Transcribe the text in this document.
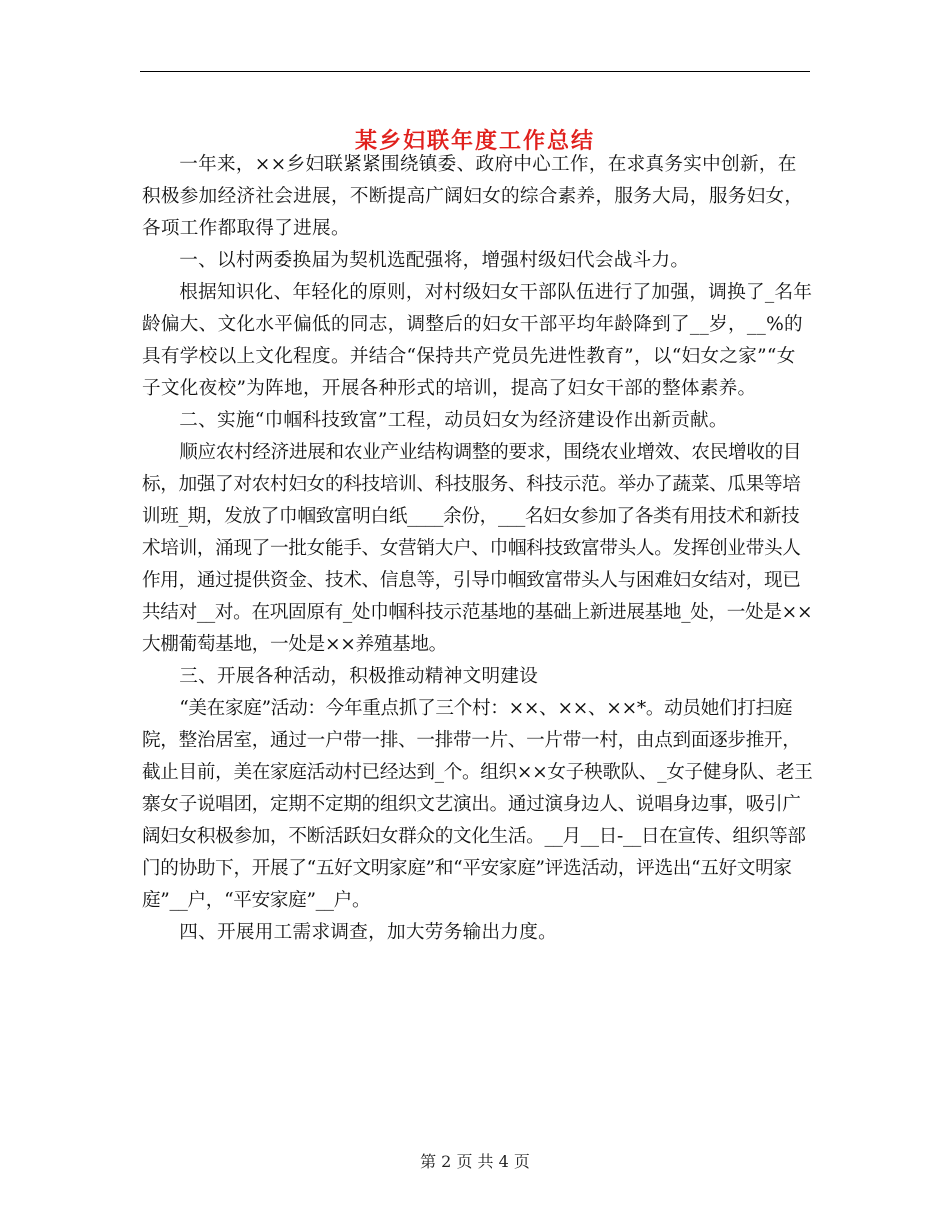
某乡妇联年度工作总结

一年来，××乡妇联紧紧围绕镇委、政府中心工作，在求真务实中创新，在积极参加经济社会进展，不断提高广阔妇女的综合素养，服务大局，服务妇女，各项工作都取得了进展。

一、以村两委换届为契机选配强将，增强村级妇代会战斗力。

根据知识化、年轻化的原则，对村级妇女干部队伍进行了加强，调换了_名年龄偏大、文化水平偏低的同志，调整后的妇女干部平均年龄降到了__岁，__%的具有学校以上文化程度。并结合“保持共产党员先进性教育”，以“妇女之家”“女子文化夜校”为阵地，开展各种形式的培训，提高了妇女干部的整体素养。

二、实施“巾帼科技致富”工程，动员妇女为经济建设作出新贡献。

顺应农村经济进展和农业产业结构调整的要求，围绕农业增效、农民增收的目标，加强了对农村妇女的科技培训、科技服务、科技示范。举办了蔬菜、瓜果等培训班_期，发放了巾帼致富明白纸____余份，___名妇女参加了各类有用技术和新技术培训，涌现了一批女能手、女营销大户、巾帼科技致富带头人。发挥创业带头人作用，通过提供资金、技术、信息等，引导巾帼致富带头人与困难妇女结对，现已共结对__对。在巩固原有_处巾帼科技示范基地的基础上新进展基地_处，一处是××大棚葡萄基地，一处是××养殖基地。

三、开展各种活动，积极推动精神文明建设

“美在家庭”活动：今年重点抓了三个村：××、××、××*。动员她们打扫庭院，整治居室，通过一户带一排、一排带一片、一片带一村，由点到面逐步推开，截止目前，美在家庭活动村已经达到_个。组织××女子秧歌队、_女子健身队、老王寨女子说唱团，定期不定期的组织文艺演出。通过演身边人、说唱身边事，吸引广阔妇女积极参加，不断活跃妇女群众的文化生活。__月__日-__日在宣传、组织等部门的协助下，开展了“五好文明家庭”和“平安家庭”评选活动，评选出“五好文明家庭”__户，“平安家庭”__户。

四、开展用工需求调查，加大劳务输出力度。

第 2 页 共 4 页
